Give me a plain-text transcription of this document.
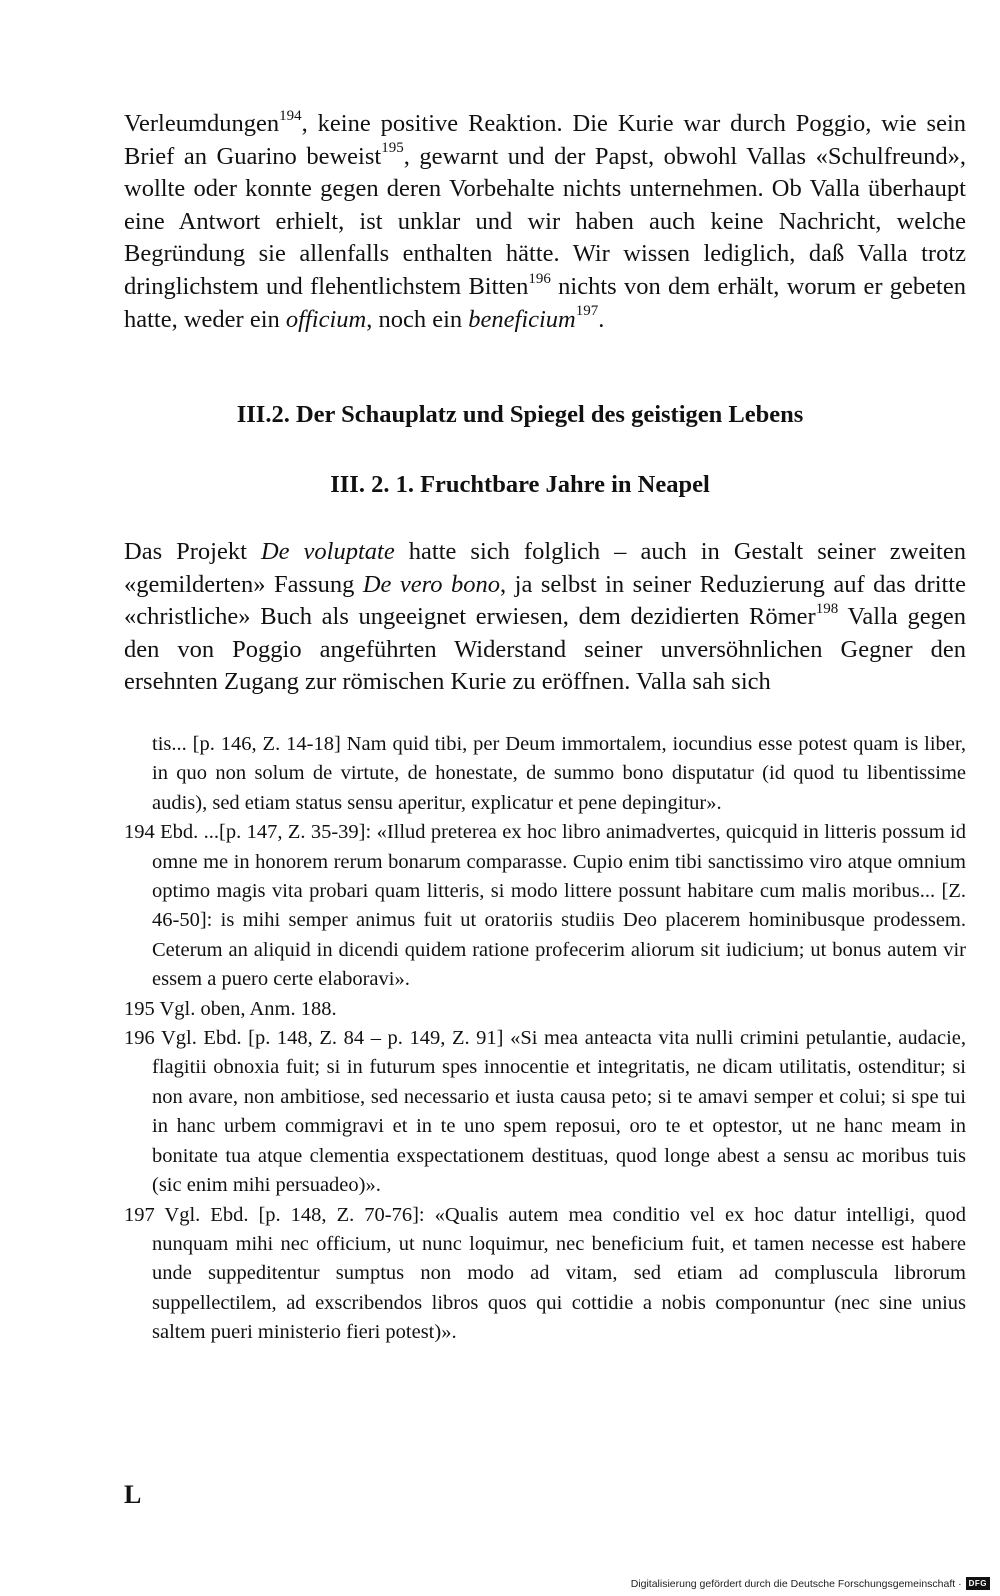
Verleumdungen$^{194}$, keine positive Reaktion. Die Kurie war durch Poggio, wie sein Brief an Guarino beweist$^{195}$, gewarnt und der Papst, obwohl Vallas «Schulfreund», wollte oder konnte gegen deren Vorbehalte nichts unternehmen. Ob Valla überhaupt eine Antwort erhielt, ist unklar und wir haben auch keine Nachricht, welche Begründung sie allenfalls enthalten hätte. Wir wissen lediglich, daß Valla trotz dringlichstem und flehentlichstem Bitten$^{196}$ nichts von dem erhält, worum er gebeten hatte, weder ein officium, noch ein beneficium$^{197}$.

III.2. Der Schauplatz und Spiegel des geistigen Lebens
III. 2. 1. Fruchtbare Jahre in Neapel

Das Projekt De voluptate hatte sich folglich – auch in Gestalt seiner zweiten «gemilderten» Fassung De vero bono, ja selbst in seiner Reduzierung auf das dritte «christliche» Buch als ungeeignet erwiesen, dem dezidierten Römer$^{198}$ Valla gegen den von Poggio angeführten Widerstand seiner unversöhnlichen Gegner den ersehnten Zugang zur römischen Kurie zu eröffnen. Valla sah sich

tis... [p. 146, Z. 14-18] Nam quid tibi, per Deum immortalem, iocundius esse potest quam is liber, in quo non solum de virtute, de honestate, de summo bono disputatur (id quod tu libentissime audis), sed etiam status sensu aperitur, explicatur et pene depingitur».

194 Ebd. ...[p. 147, Z. 35-39]: «Illud preterea ex hoc libro animadvertes, quicquid in litteris possum id omne me in honorem rerum bonarum comparasse. Cupio enim tibi sanctissimo viro atque omnium optimo magis vita probari quam litteris, si modo littere possunt habitare cum malis moribus... [Z. 46-50]: is mihi semper animus fuit ut oratoriis studiis Deo placerem hominibusque prodessem. Ceterum an aliquid in dicendi quidem ratione profecerim aliorum sit iudicium; ut bonus autem vir essem a puero certe elaboravi».

195 Vgl. oben, Anm. 188.

196 Vgl. Ebd. [p. 148, Z. 84 – p. 149, Z. 91] «Si mea anteacta vita nulli crimini petulantie, audacie, flagitii obnoxia fuit; si in futurum spes innocentie et integritatis, ne dicam utilitatis, ostenditur; si non avare, non ambitiose, sed necessario et iusta causa peto; si te amavi semper et colui; si spe tui in hanc urbem commigravi et in te uno spem reposui, oro te et optestor, ut ne hanc meam in bonitate tua atque clementia exspectationem destituas, quod longe abest a sensu ac moribus tuis (sic enim mihi persuadeo)».

197 Vgl. Ebd. [p. 148, Z. 70-76]: «Qualis autem mea conditio vel ex hoc datur intelligi, quod nunquam mihi nec officium, ut nunc loquimur, nec beneficium fuit, et tamen necesse est habere unde suppeditentur sumptus non modo ad vitam, sed etiam ad compluscula librorum suppellectilem, ad exscribendos libros quos qui cottidie a nobis componuntur (nec sine unius saltem pueri ministerio fieri potest)».

L

Digitalisierung gefördert durch die Deutsche Forschungsgemeinschaft · DFG
